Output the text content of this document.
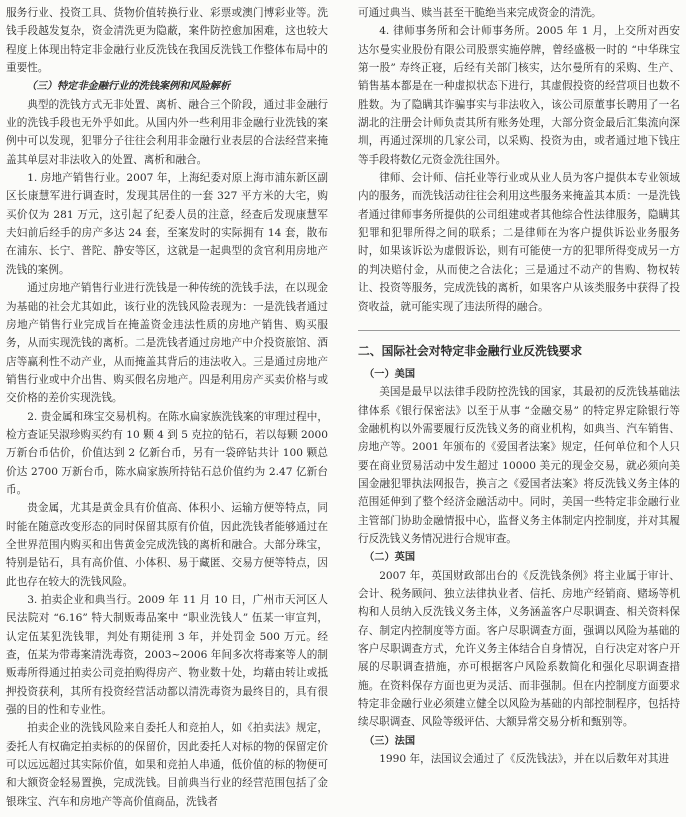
服务行业、投资工具、货物价值转换行业、彩票或澳门博彩业等。洗钱手段越发复杂，资金清洗更为隐蔽，案件防控愈加困难，这也较大程度上体现出特定非金融行业反洗钱在我国反洗钱工作整体布局中的重要性。

（三）特定非金融行业的洗钱案例和风险解析

典型的洗钱方式无非处置、离析、融合三个阶段，通过非金融行业的洗钱手段也无外乎如此。从国内外一些利用非金融行业洗钱的案例中可以发现，犯罪分子往往会利用非金融行业表层的合法经营来掩盖其单层对非法收入的处置、离析和融合。

1. 房地产销售行业。2007 年，上海纪委对原上海市浦东新区副区长康慧军进行调查时，发现其居住的一套 327 平方米的大宅，购买价仅为 281 万元，这引起了纪委人员的注意，经查后发现康慧军夫妇前后经手的房产多达 24 套，至案发时的实际拥有 14 套，散布在浦东、长宁、普陀、静安等区，这就是一起典型的贪官利用房地产洗钱的案例。

通过房地产销售行业进行洗钱是一种传统的洗钱手法，在以现金为基础的社会尤其如此，该行业的洗钱风险表现为：一是洗钱者通过房地产销售行业完成旨在掩盖资金违法性质的房地产销售、购买服务，从而实现洗钱的离析。二是洗钱者通过房地产中介投资旅馆、酒店等赢利性不动产业，从而掩盖其背后的违法收入。三是通过房地产销售行业或中介出售、购买假名房地产。四是利用房产买卖价格与或交价格的差价实现洗钱。

2. 贵金属和珠宝交易机构。在陈水扁家族洗钱案的审理过程中，检方查证吴淑珍购买约有 10 颗 4 到 5 克拉的钻石，若以每颗 2000 万新台币估价，价值达到 2 亿新台币，另有一袋碎钻共计 100 颗总价达 2700 万新台币，陈水扁家族所持钻石总价值约为 2.47 亿新台币。

贵金属，尤其是黄金具有价值高、体积小、运输方便等特点，同时能在随意改变形态的同时保留其原有价值，因此洗钱者能够通过在全世界范围内购买和出售黄金完成洗钱的离析和融合。大部分珠宝，特别是钻石，具有高价值、小体积、易于藏匿、交易方便等特点，因此也存在较大的洗钱风险。

3. 拍卖企业和典当行。2009 年 11 月 10 日，广州市天河区人民法院对 “6.16” 特大制贩毒品案中 “职业洗钱人” 伍某一审宣判，认定伍某犯洗钱罪，判处有期徒刑 3 年，并处罚金 500 万元。经查，伍某为带毒案清洗毒资，2003~2006 年间多次将毒案等人的制贩毒所得通过拍卖公司竞拍购得房产、物业数十处，均藉由转让或抵押投资获利，其所有投资经营活动都以清洗毒资为最终目的，具有很强的目的性和专业性。

拍卖企业的洗钱风险来自委托人和竞拍人，如《拍卖法》规定，委托人有权确定拍卖标的的保留价，因此委托人对标的物的保留定价可以远远超过其实际价值，如果和竞拍人串通，低价值的标的物便可和大额资金轻易置换，完成洗钱。目前典当行业的经营范围包括了金银珠宝、汽车和房地产等高价值商品，洗钱者

可通过典当、赎当甚至干脆绝当来完成资金的清洗。

4. 律师事务所和会计师事务所。2005 年 1 月，上交所对西安达尔曼实业股份有限公司股票实施停牌，曾经盛极一时的 “中华珠宝第一股” 寿终正寝，后经有关部门核实，达尔曼所有的采购、生产、销售基本都是在一种虚拟状态下进行，其虚假投资的经营项目也数不胜数。为了隐瞒其诈骗事实与非法收入，该公司原董事长聘用了一名湖北的注册会计师负责其所有账务处理，大部分资金最后汇集流向深圳，再通过深圳的几家公司，以采购、投资为由，或者通过地下钱庄等手段将数亿元资金洗往国外。

律师、会计师、信托业等行业或从业人员为客户提供本专业领域内的服务，而洗钱活动往往会利用这些服务来掩盖其本质：一是洗钱者通过律师事务所提供的公司组建或者其他综合性法律服务，隐瞒其犯罪和犯罪所得之间的联系；二是律师在为客户提供诉讼业务服务时，如果该诉讼为虚假诉讼，则有可能使一方的犯罪所得变成另一方的判决赔付金，从而使之合法化；三是通过不动产的售购、物权转让、投资等服务，完成洗钱的离析，如果客户从该类服务中获得了投资收益，就可能实现了违法所得的融合。

二、国际社会对特定非金融行业反洗钱要求
（一）美国

美国是最早以法律手段防控洗钱的国家，其最初的反洗钱基础法律体系《银行保密法》以至于从事 “金融交易” 的特定界定除银行等金融机构以外需要履行反洗钱义务的商业机构，如典当、汽车销售、房地产等。2001 年颁布的《爱国者法案》规定，任何单位和个人只要在商业贸易活动中发生超过 10000 美元的现金交易，就必须向美国金融犯罪执法网报告，换言之《爱国者法案》将反洗钱义务主体的范围延伸到了整个经济金融活动中。同时，美国一些特定非金融行业主管部门协助金融情报中心，监督义务主体制定内控制度，并对其履行反洗钱义务情况进行合规审查。

（二）英国

2007 年，英国财政部出台的《反洗钱条例》将主业属于审计、会计、税务顾问、独立法律执业者、信托、房地产经销商、赌场等机构和人员纳入反洗钱义务主体，义务涵盖客户尽职调查、相关资料保存、制定内控制度等方面。客户尽职调查方面，强调以风险为基础的客户尽职调查方式，允许义务主体结合自身情况，自行决定对客户开展的尽职调查措施，亦可根据客户风险系数简化和强化尽职调查措施。在资料保存方面也更为灵活、而非强制。但在内控制度方面要求特定非金融行业必须建立健全以风险为基础的内部控制程序，包括持续尽职调查、风险等级评估、大额异常交易分析和甄别等。

（三）法国

1990 年，法国议会通过了《反洗钱法》，并在以后数年对其进
